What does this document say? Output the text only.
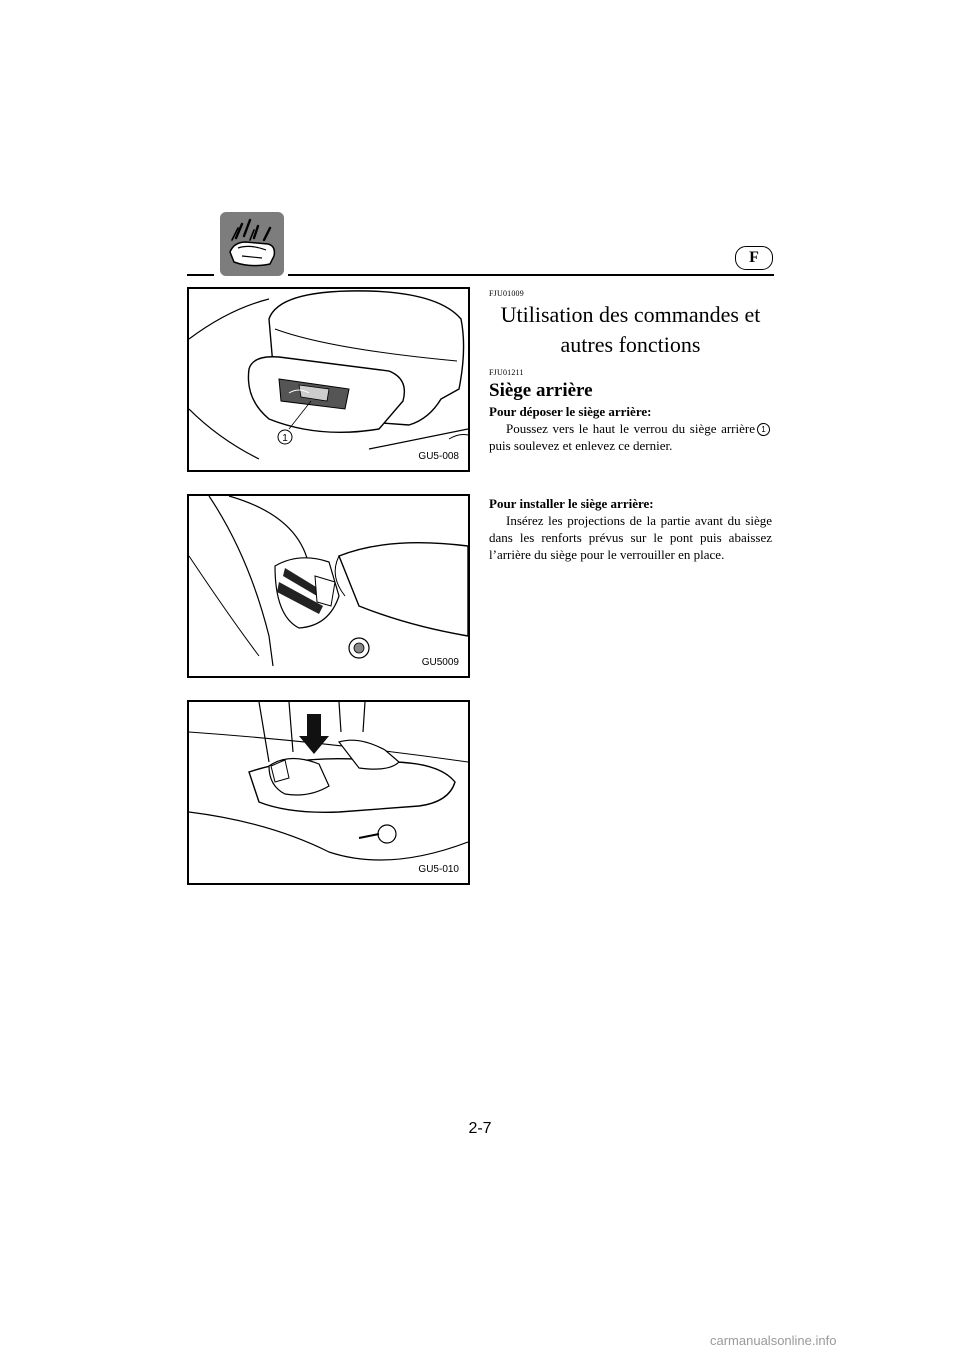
F
1
GU5-008
GU5009
GU5-010
FJU01009
Utilisation des commandes et
autres fonctions
FJU01211
Siège arrière
Pour déposer le siège arrière:

Poussez vers le haut le verrou du siège arrière 1puis soulevez et enlevez ce dernier.

Pour installer le siège arrière:

Insérez les projections de la partie avant du siège dans les renforts prévus sur le pont puis abaissez l’arrière du siège pour le verrouiller en place.

2-7
carmanualsonline.info
